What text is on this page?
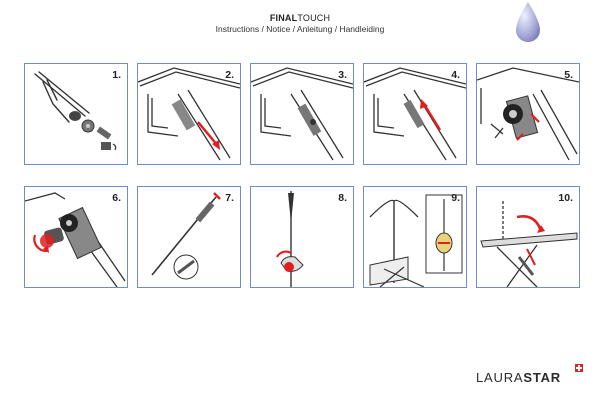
FINALTOUCH
Instructions / Notice / Anleitung / Handleiding
1.	2.	3.	4.	5.
6.	7.	8.	9.	10.
LAURASTAR
